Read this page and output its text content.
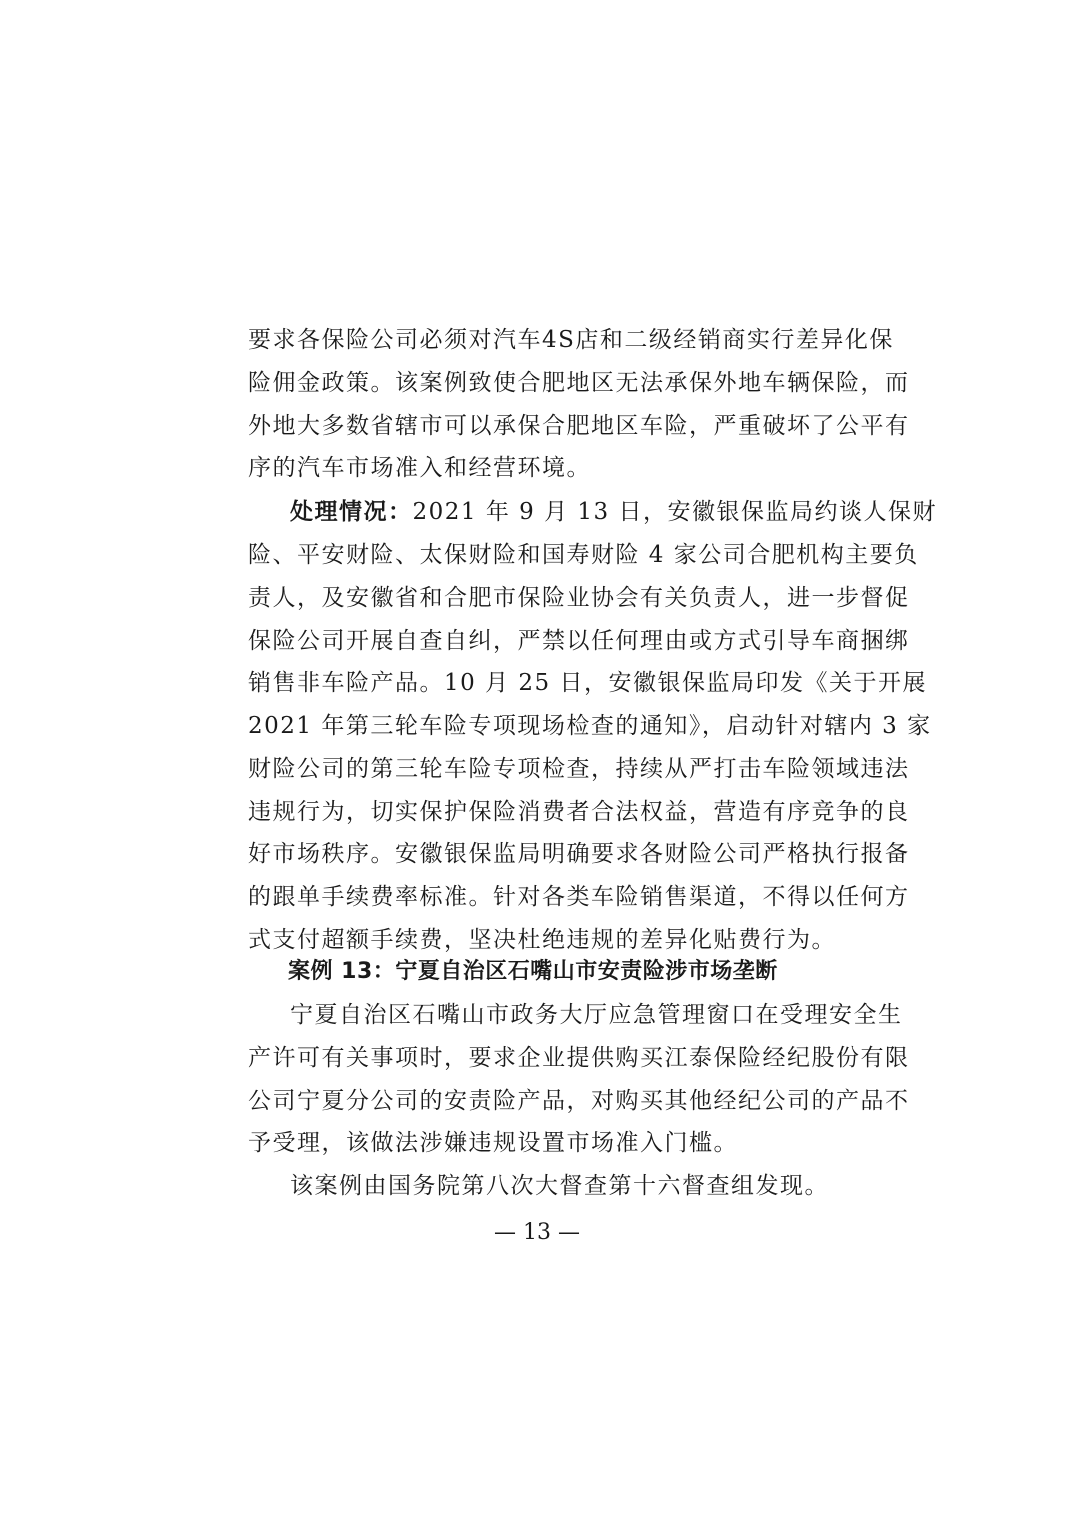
要求各保险公司必须对汽车4S店和二级经销商实行差异化保
险佣金政策。该案例致使合肥地区无法承保外地车辆保险，而
外地大多数省辖市可以承保合肥地区车险，严重破坏了公平有
序的汽车市场准入和经营环境。
处理情况：2021 年 9 月 13 日，安徽银保监局约谈人保财
险、平安财险、太保财险和国寿财险 4 家公司合肥机构主要负
责人，及安徽省和合肥市保险业协会有关负责人，进一步督促
保险公司开展自查自纠，严禁以任何理由或方式引导车商捆绑
销售非车险产品。10 月 25 日，安徽银保监局印发《关于开展
2021 年第三轮车险专项现场检查的通知》，启动针对辖内 3 家
财险公司的第三轮车险专项检查，持续从严打击车险领域违法
违规行为，切实保护保险消费者合法权益，营造有序竞争的良
好市场秩序。安徽银保监局明确要求各财险公司严格执行报备
的跟单手续费率标准。针对各类车险销售渠道，不得以任何方
式支付超额手续费，坚决杜绝违规的差异化贴费行为。
案例 13：宁夏自治区石嘴山市安责险涉市场垄断
宁夏自治区石嘴山市政务大厅应急管理窗口在受理安全生
产许可有关事项时，要求企业提供购买江泰保险经纪股份有限
公司宁夏分公司的安责险产品，对购买其他经纪公司的产品不
予受理，该做法涉嫌违规设置市场准入门槛。
该案例由国务院第八次大督查第十六督查组发现。
— 13 —
